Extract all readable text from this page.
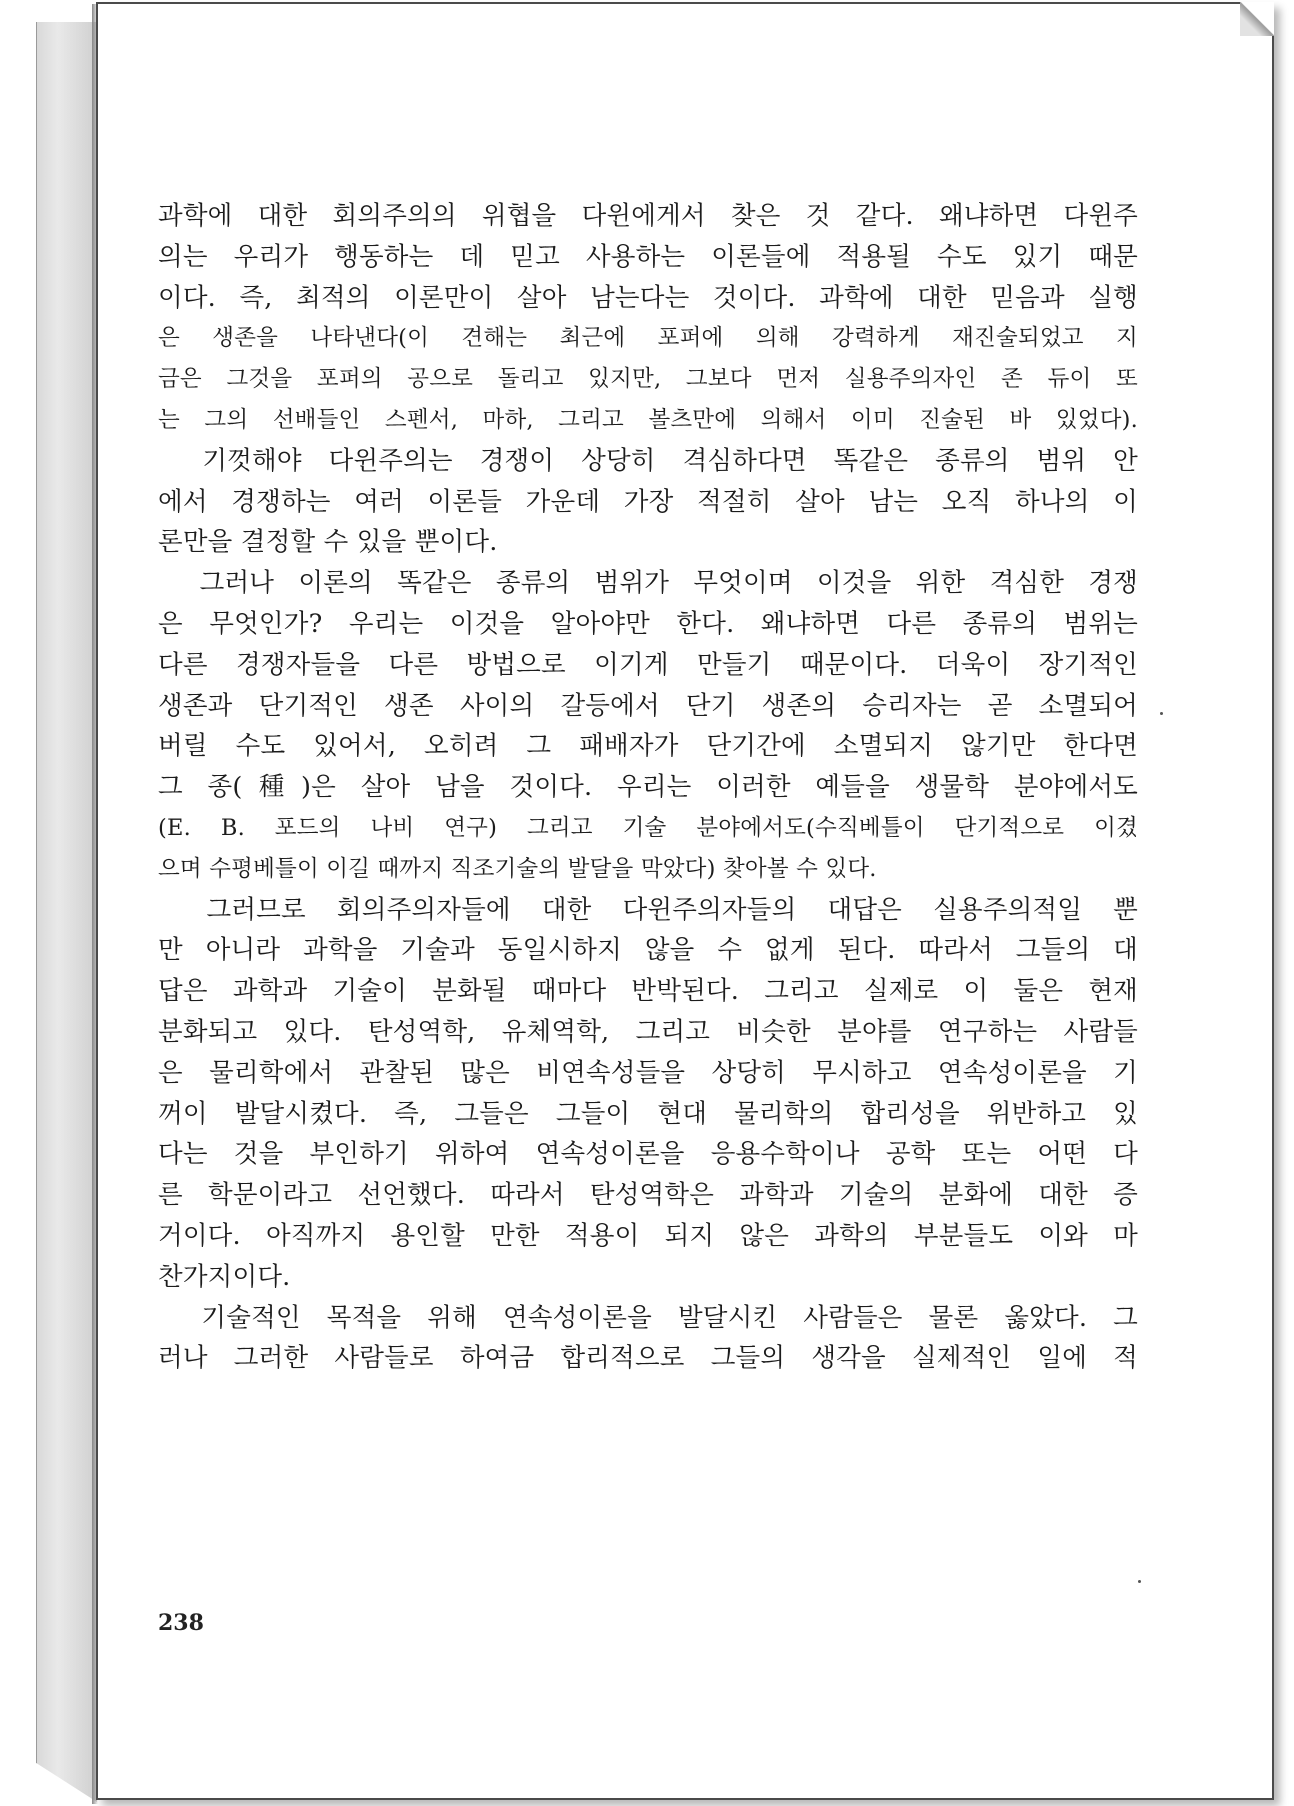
과학에 대한 회의주의의 위협을 다윈에게서 찾은 것 같다. 왜냐하면 다윈주
의는 우리가 행동하는 데 믿고 사용하는 이론들에 적용될 수도 있기 때문
이다. 즉, 최적의 이론만이 살아 남는다는 것이다. 과학에 대한 믿음과 실행
은 생존을 나타낸다(이 견해는 최근에 포퍼에 의해 강력하게 재진술되었고 지
금은 그것을 포퍼의 공으로 돌리고 있지만, 그보다 먼저 실용주의자인 존 듀이 또
는 그의 선배들인 스펜서, 마하, 그리고 볼츠만에 의해서 이미 진술된 바 있었다).
　기껏해야 다윈주의는 경쟁이 상당히 격심하다면 똑같은 종류의 범위 안
에서 경쟁하는 여러 이론들 가운데 가장 적절히 살아 남는 오직 하나의 이
론만을 결정할 수 있을 뿐이다.
　그러나 이론의 똑같은 종류의 범위가 무엇이며 이것을 위한 격심한 경쟁
은 무엇인가? 우리는 이것을 알아야만 한다. 왜냐하면 다른 종류의 범위는
다른 경쟁자들을 다른 방법으로 이기게 만들기 때문이다. 더욱이 장기적인
생존과 단기적인 생존 사이의 갈등에서 단기 생존의 승리자는 곧 소멸되어
버릴 수도 있어서, 오히려 그 패배자가 단기간에 소멸되지 않기만 한다면
그 종(種)은 살아 남을 것이다. 우리는 이러한 예들을 생물학 분야에서도
(E. B. 포드의 나비 연구) 그리고 기술 분야에서도(수직베틀이 단기적으로 이겼
으며 수평베틀이 이길 때까지 직조기술의 발달을 막았다) 찾아볼 수 있다.
　그러므로 회의주의자들에 대한 다윈주의자들의 대답은 실용주의적일 뿐
만 아니라 과학을 기술과 동일시하지 않을 수 없게 된다. 따라서 그들의 대
답은 과학과 기술이 분화될 때마다 반박된다. 그리고 실제로 이 둘은 현재
분화되고 있다. 탄성역학, 유체역학, 그리고 비슷한 분야를 연구하는 사람들
은 물리학에서 관찰된 많은 비연속성들을 상당히 무시하고 연속성이론을 기
꺼이 발달시켰다. 즉, 그들은 그들이 현대 물리학의 합리성을 위반하고 있
다는 것을 부인하기 위하여 연속성이론을 응용수학이나 공학 또는 어떤 다
른 학문이라고 선언했다. 따라서 탄성역학은 과학과 기술의 분화에 대한 증
거이다. 아직까지 용인할 만한 적용이 되지 않은 과학의 부분들도 이와 마
찬가지이다.
　기술적인 목적을 위해 연속성이론을 발달시킨 사람들은 물론 옳았다. 그
러나 그러한 사람들로 하여금 합리적으로 그들의 생각을 실제적인 일에 적
238
